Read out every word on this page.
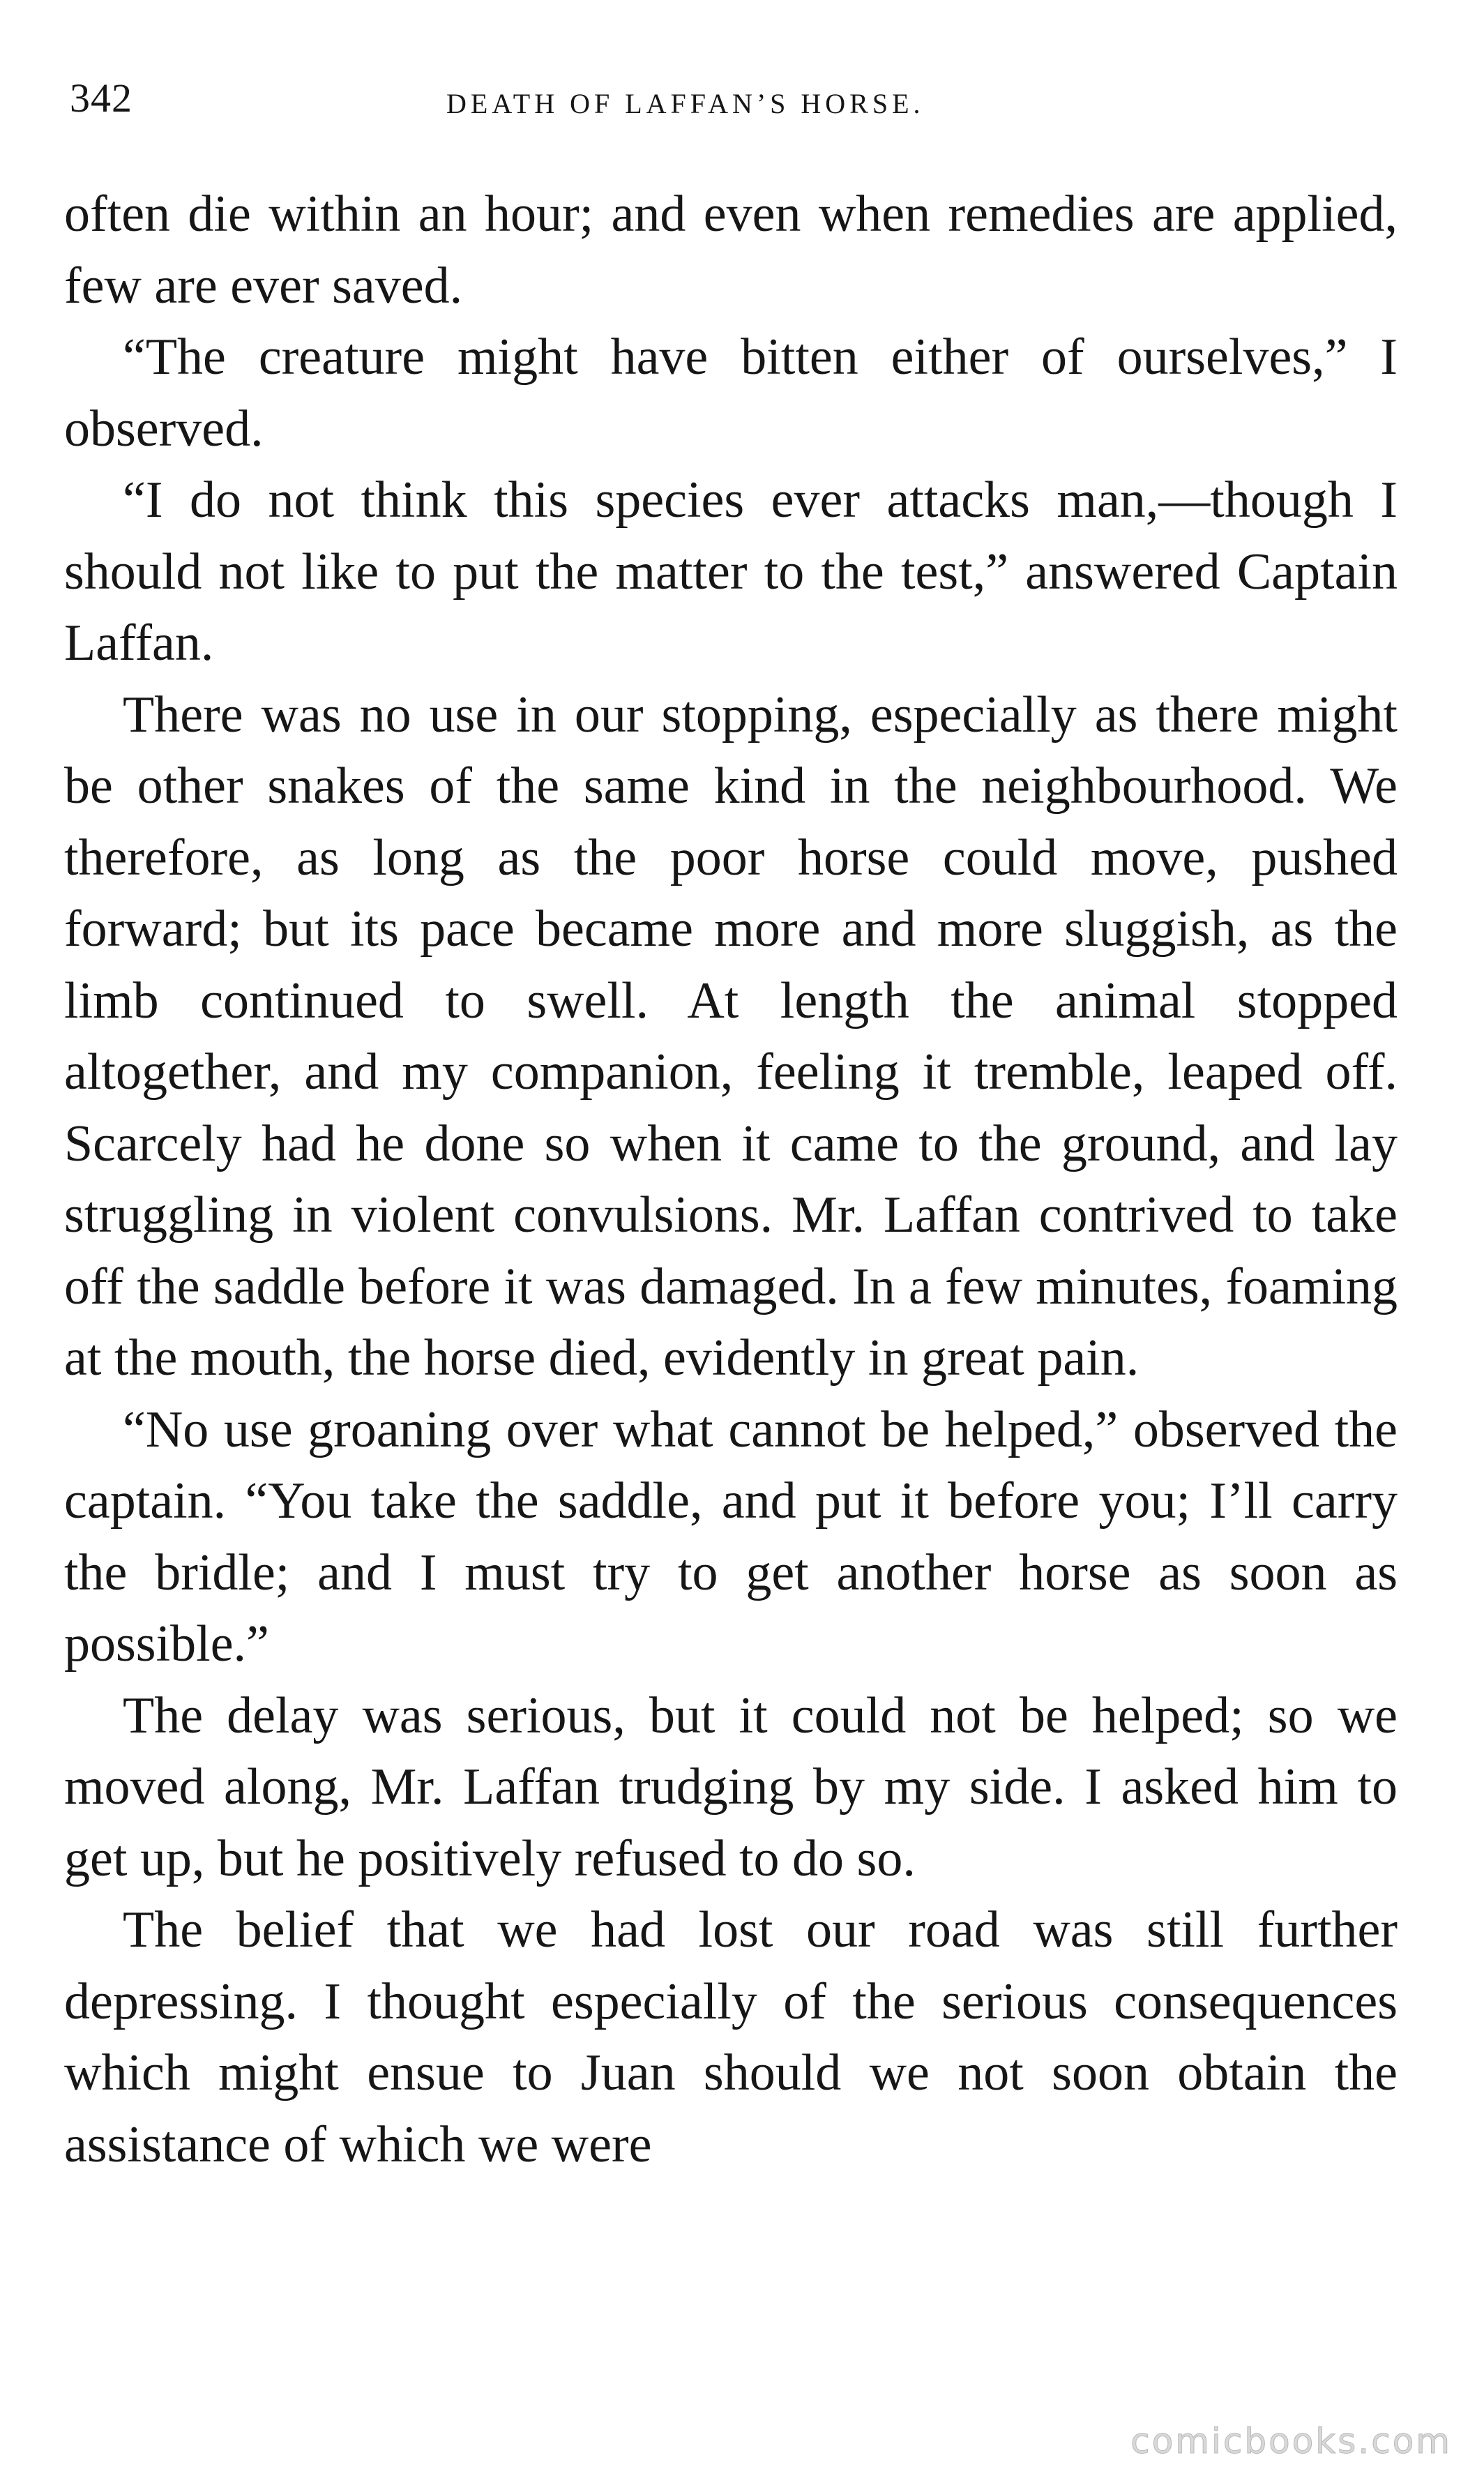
342	DEATH OF LAFFAN’S HORSE.

often die within an hour; and even when remedies are applied, few are ever saved.

“The creature might have bitten either of ourselves,” I observed.

“I do not think this species ever attacks man,—though I should not like to put the matter to the test,” answered Captain Laffan.

There was no use in our stopping, especially as there might be other snakes of the same kind in the neighbourhood. We therefore, as long as the poor horse could move, pushed forward; but its pace became more and more sluggish, as the limb continued to swell. At length the animal stopped altogether, and my companion, feeling it tremble, leaped off. Scarcely had he done so when it came to the ground, and lay struggling in violent convulsions. Mr. Laffan contrived to take off the saddle before it was damaged. In a few minutes, foaming at the mouth, the horse died, evidently in great pain.

“No use groaning over what cannot be helped,” observed the captain. “You take the saddle, and put it before you; I’ll carry the bridle; and I must try to get another horse as soon as possible.”

The delay was serious, but it could not be helped; so we moved along, Mr. Laffan trudging by my side. I asked him to get up, but he positively refused to do so.

The belief that we had lost our road was still further depressing. I thought especially of the serious consequences which might ensue to Juan should we not soon obtain the assistance of which we were

comicbooks.com
